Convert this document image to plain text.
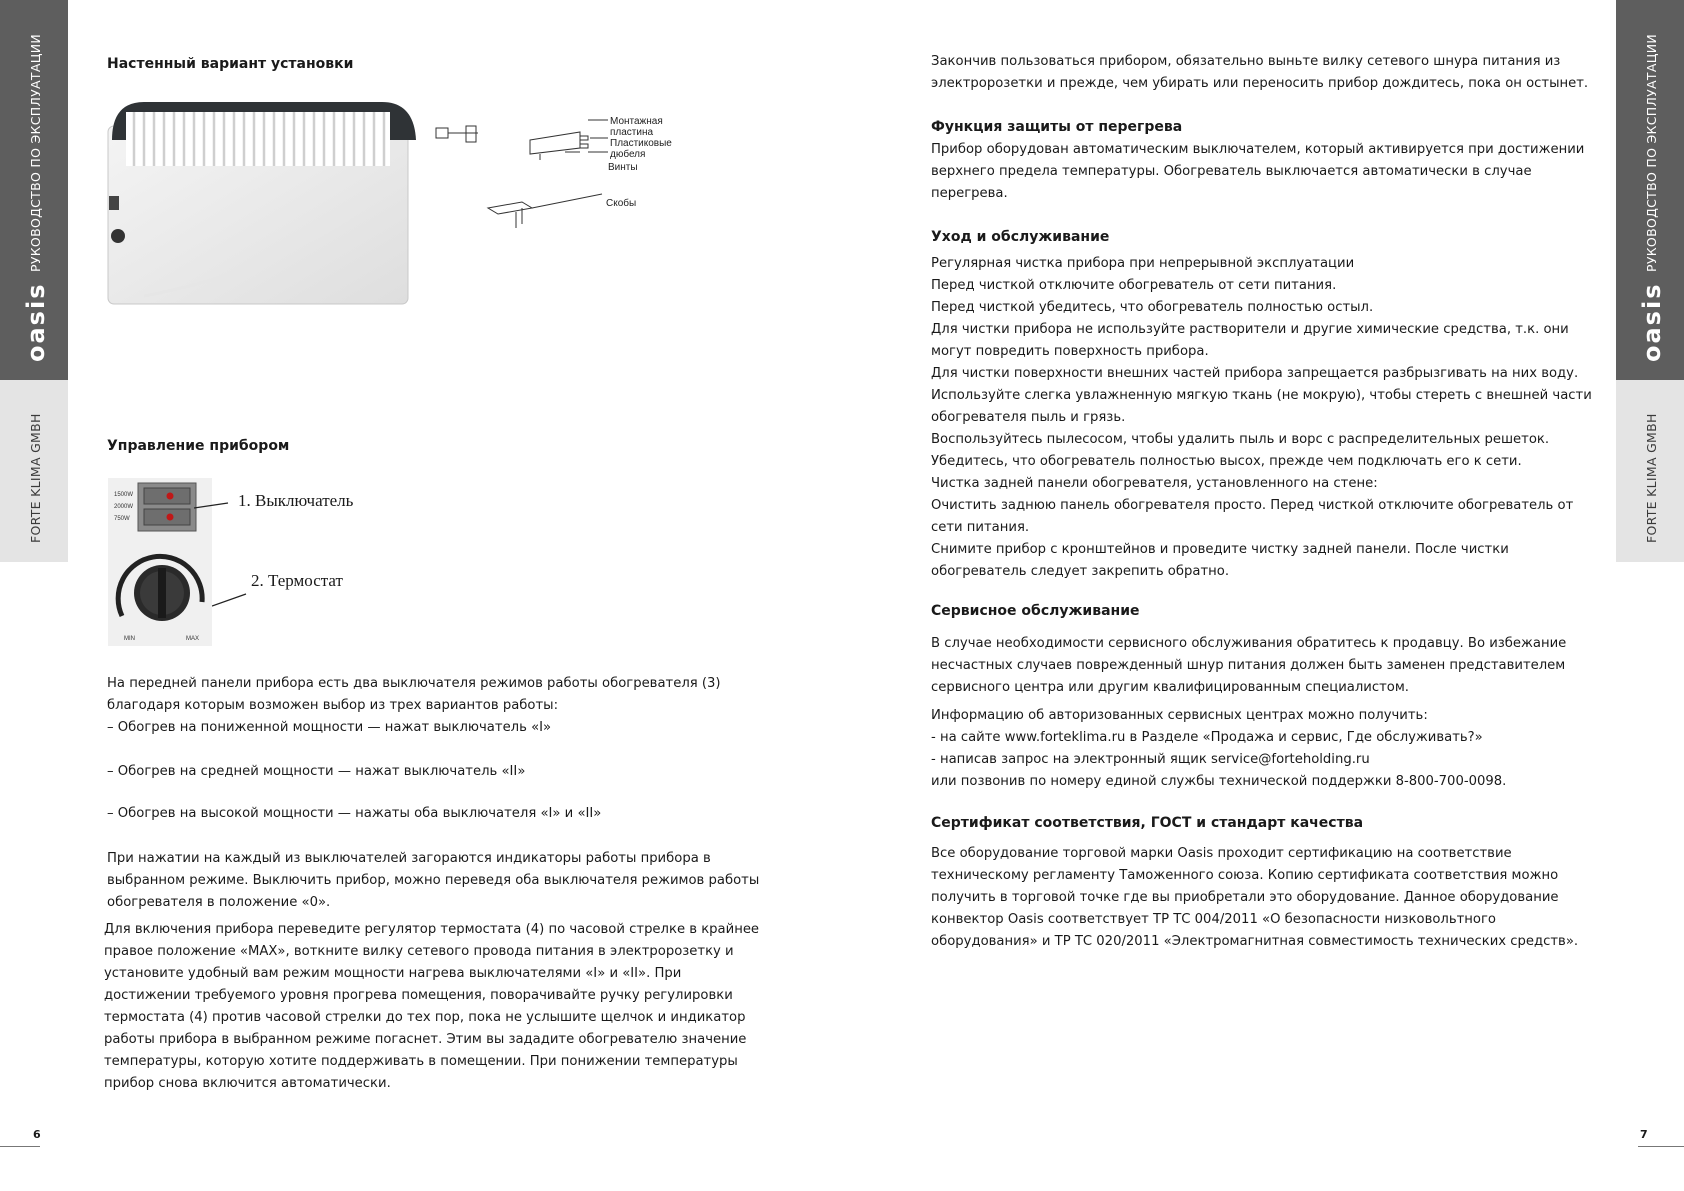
РУКОВОДСТВО ПО ЭКСПЛУАТАЦИИ
oasis
FORTE KLIMA GMBH
РУКОВОДСТВО ПО ЭКСПЛУАТАЦИИ
oasis
FORTE KLIMA GMBH
Настенный вариант установки
Монтажная
пластина
Пластиковые
дюбеля
Винты
Скобы
Управление прибором
1500W
2000W
750W
MIN	MAX
1. Выключатель
2. Термостат
На передней панели прибора есть два выключателя режимов работы обогревателя (3)
благодаря которым возможен выбор из трех вариантов работы:
– Обогрев на пониженной мощности — нажат выключатель «I»
– Обогрев на средней мощности — нажат выключатель «II»
– Обогрев на высокой мощности — нажаты оба выключателя «I» и «II»
При нажатии на каждый из выключателей загораются индикаторы работы прибора в
выбранном режиме. Выключить прибор, можно переведя оба выключателя режимов работы
обогревателя в положение «0».
Для включения прибора переведите регулятор термостата (4) по часовой стрелке в крайнее
правое положение «MAX», воткните вилку сетевого провода питания в электророзетку и
установите удобный вам режим мощности нагрева выключателями «I» и «II». При
достижении требуемого уровня прогрева помещения, поворачивайте ручку регулировки
термостата (4) против часовой стрелки до тех пор, пока не услышите щелчок и индикатор
работы прибора в выбранном режиме погаснет. Этим вы зададите обогревателю значение
температуры, которую хотите поддерживать в помещении. При понижении температуры
прибор снова включится автоматически.
6
Закончив пользоваться прибором, обязательно выньте вилку сетевого шнура питания из
электророзетки и прежде, чем убирать или переносить прибор дождитесь, пока он остынет.
Функция защиты от перегрева
Прибор оборудован автоматическим выключателем, который активируется при достижении
верхнего предела температуры. Обогреватель выключается автоматически в случае
перегрева.
Уход и обслуживание
Регулярная чистка прибора при непрерывной эксплуатации
Перед чисткой отключите обогреватель от сети питания.
Перед чисткой убедитесь, что обогреватель полностью остыл.
Для чистки прибора не используйте растворители и другие химические средства, т.к. они
могут повредить поверхность прибора.
Для чистки поверхности внешних частей прибора запрещается разбрызгивать на них воду.
Используйте слегка увлажненную мягкую ткань (не мокрую), чтобы стереть с внешней части
обогревателя пыль и грязь.
Воспользуйтесь пылесосом, чтобы удалить пыль и ворс с распределительных решеток.
Убедитесь, что обогреватель полностью высох, прежде чем подключать его к сети.
Чистка задней панели обогревателя, установленного на стене:
Очистить заднюю панель обогревателя просто. Перед чисткой отключите обогреватель от
сети питания.
Снимите прибор с кронштейнов и проведите чистку задней панели. После чистки
обогреватель следует закрепить обратно.
Сервисное обслуживание
В случае необходимости сервисного обслуживания обратитесь к продавцу. Во избежание
несчастных случаев поврежденный шнур питания должен быть заменен представителем
сервисного центра или другим квалифицированным специалистом.
Информацию об авторизованных сервисных центрах можно получить:
- на сайте www.forteklima.ru в Разделе «Продажа и сервис, Где обслуживать?»
- написав запрос на электронный ящик service@forteholding.ru
или позвонив по номеру единой службы технической поддержки 8-800-700-0098.
Сертификат соответствия, ГОСТ и стандарт качества
Все оборудование торговой марки Oasis проходит сертификацию на соответствие
техническому регламенту Таможенного союза. Копию сертификата соответствия можно
получить в торговой точке где вы приобретали это оборудование. Данное оборудование
конвектор Oasis соответствует ТР ТС 004/2011 «О безопасности низковольтного
оборудования» и ТР ТС 020/2011 «Электромагнитная совместимость технических средств».
7
